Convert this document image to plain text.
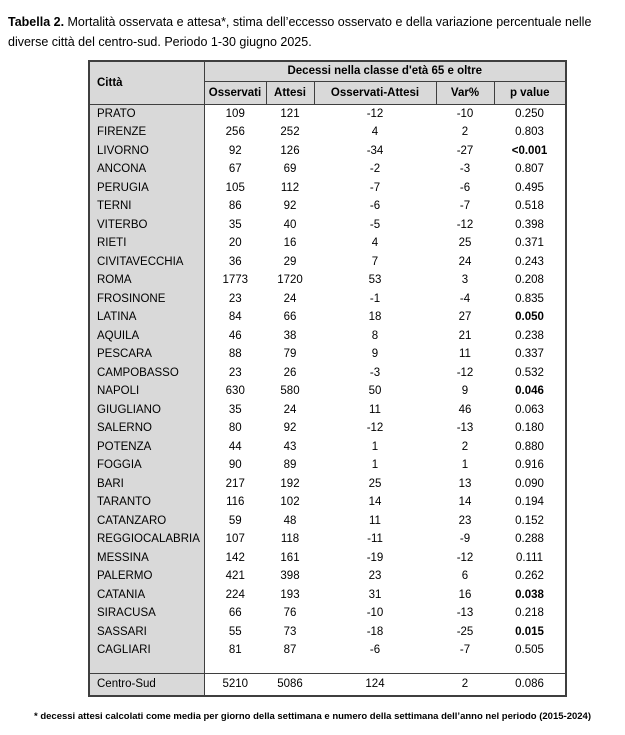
Tabella 2. Mortalità osservata e attesa*, stima dell’eccesso osservato e della variazione percentuale nelle diverse città del centro-sud. Periodo 1-30 giugno 2025.

Città	Decessi nella classe d'età 65 e oltre				
	Osservati	Attesi	Osservati-Attesi	Var%	p value
PRATO	109	121	-12	-10	0.250
FIRENZE	256	252	4	2	0.803
LIVORNO	92	126	-34	-27	<0.001
ANCONA	67	69	-2	-3	0.807
PERUGIA	105	112	-7	-6	0.495
TERNI	86	92	-6	-7	0.518
VITERBO	35	40	-5	-12	0.398
RIETI	20	16	4	25	0.371
CIVITAVECCHIA	36	29	7	24	0.243
ROMA	1773	1720	53	3	0.208
FROSINONE	23	24	-1	-4	0.835
LATINA	84	66	18	27	0.050
AQUILA	46	38	8	21	0.238
PESCARA	88	79	9	11	0.337
CAMPOBASSO	23	26	-3	-12	0.532
NAPOLI	630	580	50	9	0.046
GIUGLIANO	35	24	11	46	0.063
SALERNO	80	92	-12	-13	0.180
POTENZA	44	43	1	2	0.880
FOGGIA	90	89	1	1	0.916
BARI	217	192	25	13	0.090
TARANTO	116	102	14	14	0.194
CATANZARO	59	48	11	23	0.152
REGGIOCALABRIA	107	118	-11	-9	0.288
MESSINA	142	161	-19	-12	0.111
PALERMO	421	398	23	6	0.262
CATANIA	224	193	31	16	0.038
SIRACUSA	66	76	-10	-13	0.218
SASSARI	55	73	-18	-25	0.015
CAGLIARI	81	87	-6	-7	0.505

Centro-Sud	5210	5086	124	2	0.086

* decessi attesi calcolati come media per giorno della settimana e numero della settimana dell’anno nel periodo (2015-2024)
